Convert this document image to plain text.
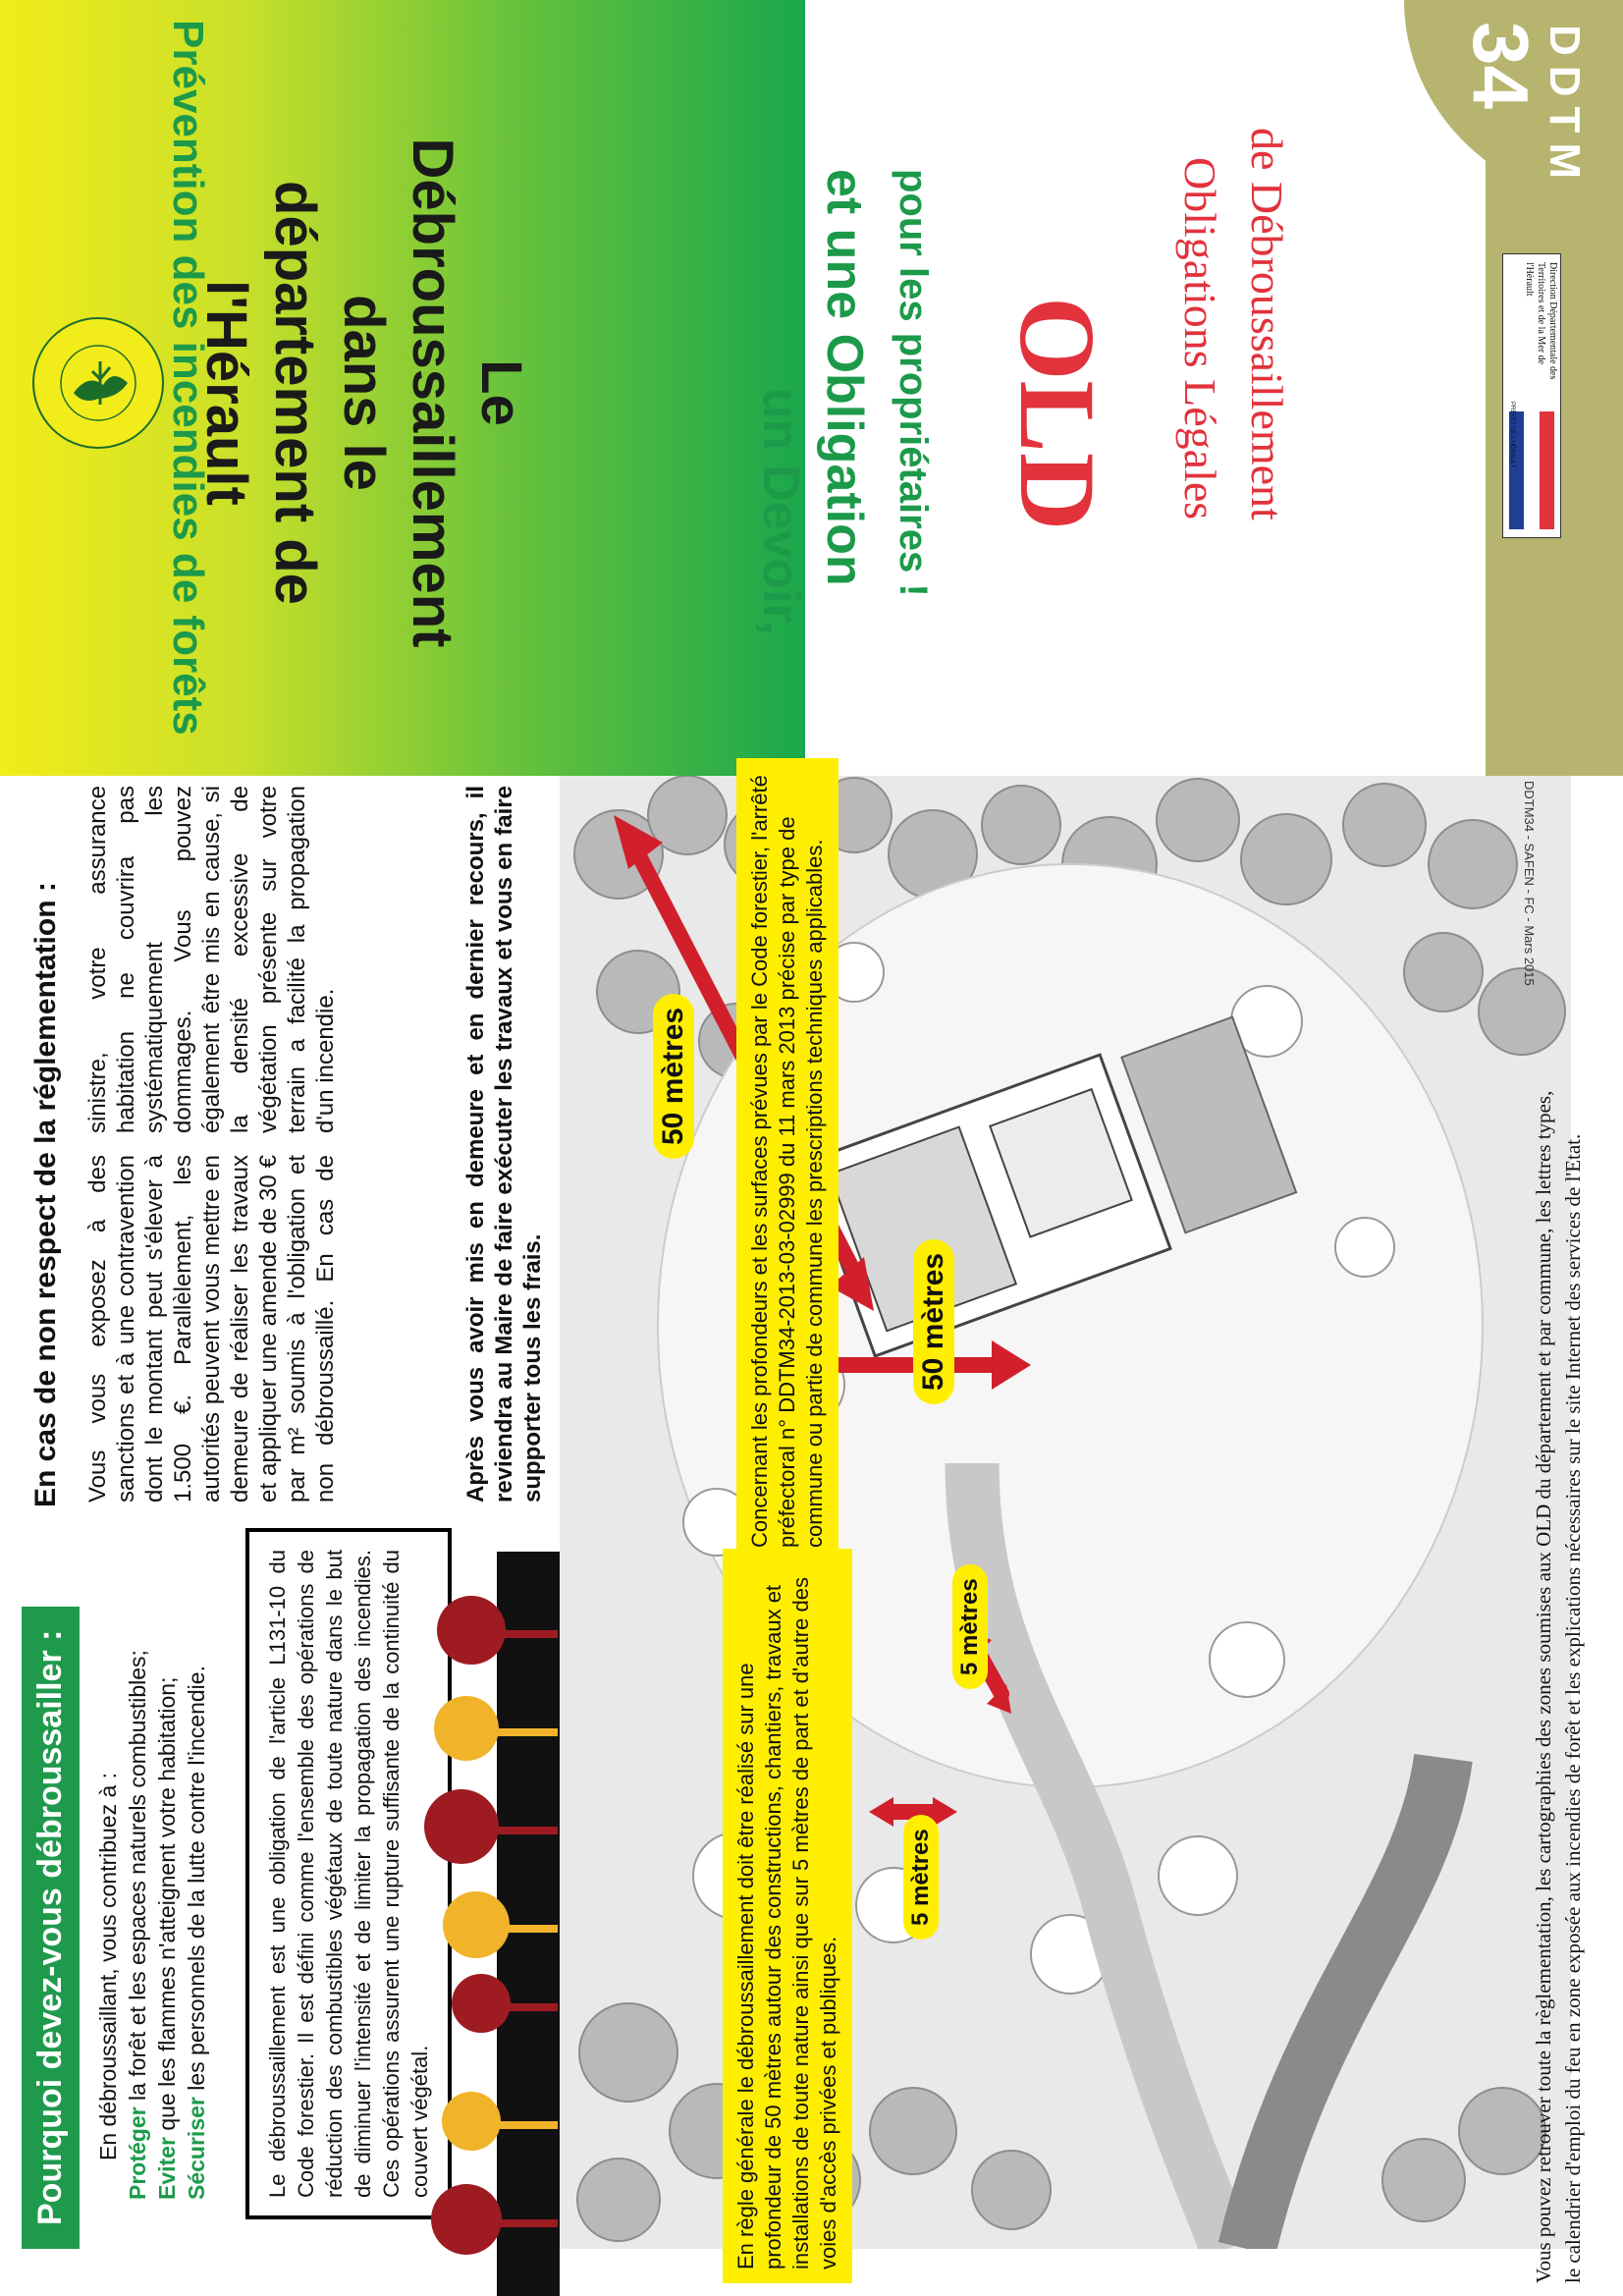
Prévention des incendies de forêts	Le Débroussaillement
dans le département de
l'Hérault	un Devoir, et une Obligation pour les propriétaires ! OLD Obligations Légales de Débroussaillement
DDTM
34
Direction Départementale des Territoires et de la Mer de l'Hérault
PRÉFET DE L'HÉRAULT
Pourquoi devez-vous débroussailler :	En débroussaillant, vous contribuez à : Protéger la forêt et les espaces naturels combustibles;
Eviter que les flammes n'atteignent votre habitation;
Sécuriser les personnels de la lutte contre l'incendie.	Le débroussaillement est une obligation de l'article L131-10 du Code forestier. Il est défini comme l'ensemble des opérations de réduction des combustibles végétaux de toute nature dans le but de diminuer l'intensité et de limiter la propagation des incendies. Ces opérations assurent une rupture suffisante de la continuité du couvert végétal.
En cas de non respect de la réglementation : Vous vous exposez à des sanctions et à une contravention dont le montant peut s'élever à 1.500 €. Parallèlement, les autorités peuvent vous mettre en demeure de réaliser les travaux et appliquer une amende de 30 € par m² soumis à l'obligation et non débroussaillé. En cas de sinistre, votre assurance habitation ne couvrira pas systématiquement les dommages. Vous pouvez également être mis en cause, si la densité excessive de végétation présente sur votre terrain a facilité la propagation d'un incendie.	Après vous avoir mis en demeure et en dernier recours, il reviendra au Maire de faire exécuter les travaux et vous en faire supporter tous les frais.
50 mètres
50 mètres
5 mètres
5 mètres
DDTM34 - SAFEN - FC - Mars 2015
En règle générale le débroussaillement doit être réalisé sur une profondeur de 50 mètres autour des constructions, chantiers, travaux et installations de toute nature ainsi que sur 5 mètres de part et d'autre des voies d'accès privées et publiques.
Concernant les profondeurs et les surfaces prévues par le Code forestier, l'arrêté préfectoral n° DDTM34-2013-03-02999 du 11 mars 2013 précise par type de commune ou partie de commune les prescriptions techniques applicables.	Vous pouvez retrouver toute la règlementation, les cartographies des zones soumises aux OLD du département et par commune, les lettres types, le calendrier d'emploi du feu en zone exposée aux incendies de forêt et les explications nécessaires sur le site Internet des services de l'Etat.
